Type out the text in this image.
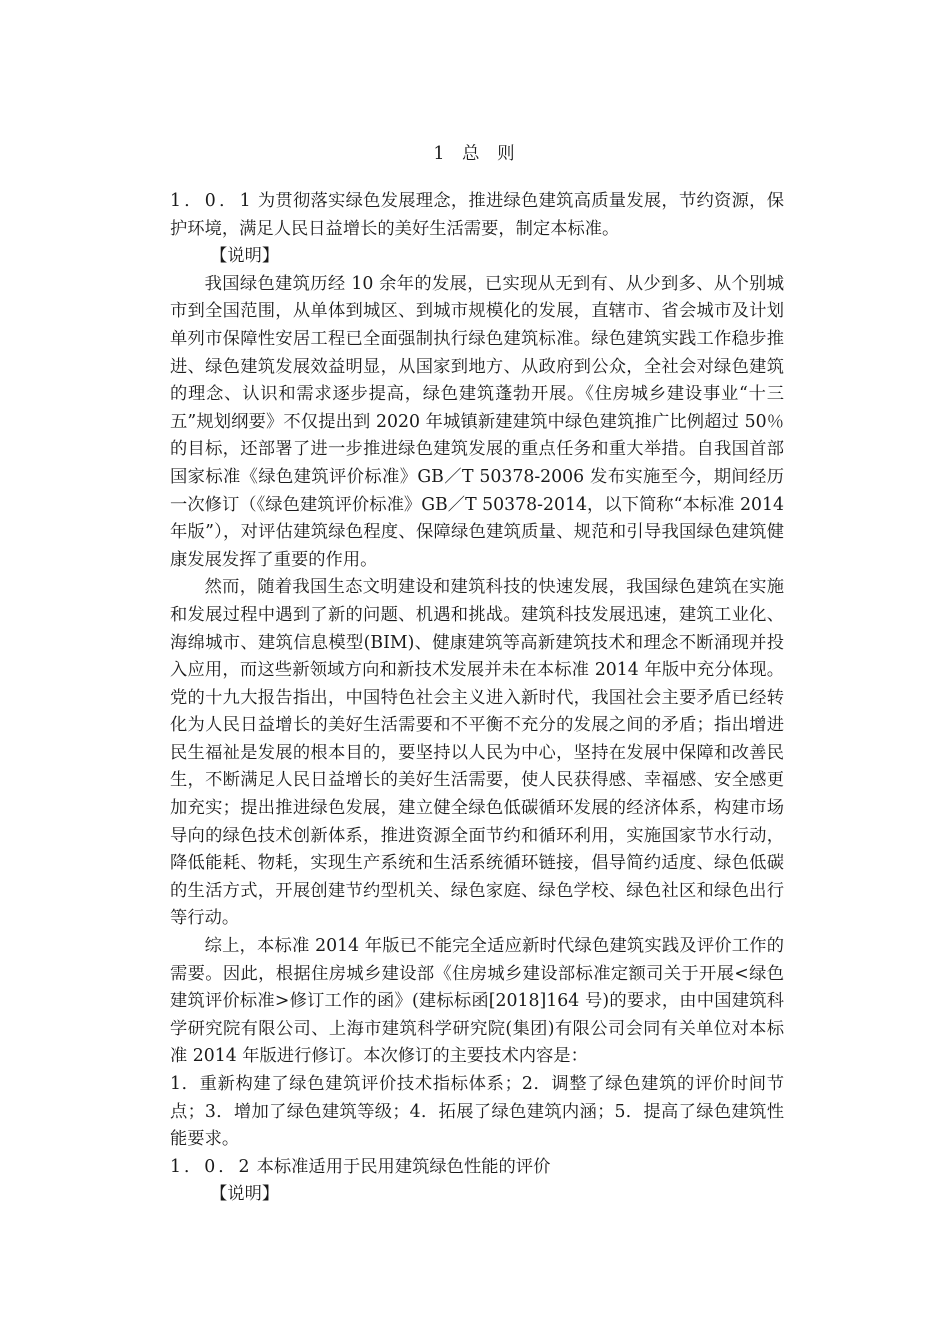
1 总 则

1．0．1 为贯彻落实绿色发展理念，推进绿色建筑高质量发展，节约资源，保护环境，满足人民日益增长的美好生活需要，制定本标准。

【说明】

我国绿色建筑历经 10 余年的发展，已实现从无到有、从少到多、从个别城市到全国范围，从单体到城区、到城市规模化的发展，直辖市、省会城市及计划单列市保障性安居工程已全面强制执行绿色建筑标准。绿色建筑实践工作稳步推进、绿色建筑发展效益明显，从国家到地方、从政府到公众，全社会对绿色建筑的理念、认识和需求逐步提高，绿色建筑蓬勃开展。《住房城乡建设事业“十三五”规划纲要》不仅提出到 2020 年城镇新建建筑中绿色建筑推广比例超过 50％的目标，还部署了进一步推进绿色建筑发展的重点任务和重大举措。自我国首部国家标准《绿色建筑评价标准》GB／T 50378-2006 发布实施至今，期间经历一次修订（《绿色建筑评价标准》GB／T 50378-2014，以下简称“本标准 2014 年版”），对评估建筑绿色程度、保障绿色建筑质量、规范和引导我国绿色建筑健康发展发挥了重要的作用。

然而，随着我国生态文明建设和建筑科技的快速发展，我国绿色建筑在实施和发展过程中遇到了新的问题、机遇和挑战。建筑科技发展迅速，建筑工业化、海绵城市、建筑信息模型(BIM)、健康建筑等高新建筑技术和理念不断涌现并投入应用，而这些新领域方向和新技术发展并未在本标准 2014 年版中充分体现。党的十九大报告指出，中国特色社会主义进入新时代，我国社会主要矛盾已经转化为人民日益增长的美好生活需要和不平衡不充分的发展之间的矛盾；指出增进民生福祉是发展的根本目的，要坚持以人民为中心，坚持在发展中保障和改善民生，不断满足人民日益增长的美好生活需要，使人民获得感、幸福感、安全感更加充实；提出推进绿色发展，建立健全绿色低碳循环发展的经济体系，构建市场导向的绿色技术创新体系，推进资源全面节约和循环利用，实施国家节水行动，降低能耗、物耗，实现生产系统和生活系统循环链接，倡导简约适度、绿色低碳的生活方式，开展创建节约型机关、绿色家庭、绿色学校、绿色社区和绿色出行等行动。

综上，本标准 2014 年版已不能完全适应新时代绿色建筑实践及评价工作的需要。因此，根据住房城乡建设部《住房城乡建设部标准定额司关于开展<绿色建筑评价标准>修订工作的函》(建标标函[2018]164 号)的要求，由中国建筑科学研究院有限公司、上海市建筑科学研究院(集团)有限公司会同有关单位对本标准 2014 年版进行修订。本次修订的主要技术内容是：

1．重新构建了绿色建筑评价技术指标体系；2．调整了绿色建筑的评价时间节点；3．增加了绿色建筑等级；4．拓展了绿色建筑内涵；5．提高了绿色建筑性能要求。

1．0．2 本标准适用于民用建筑绿色性能的评价

【说明】
